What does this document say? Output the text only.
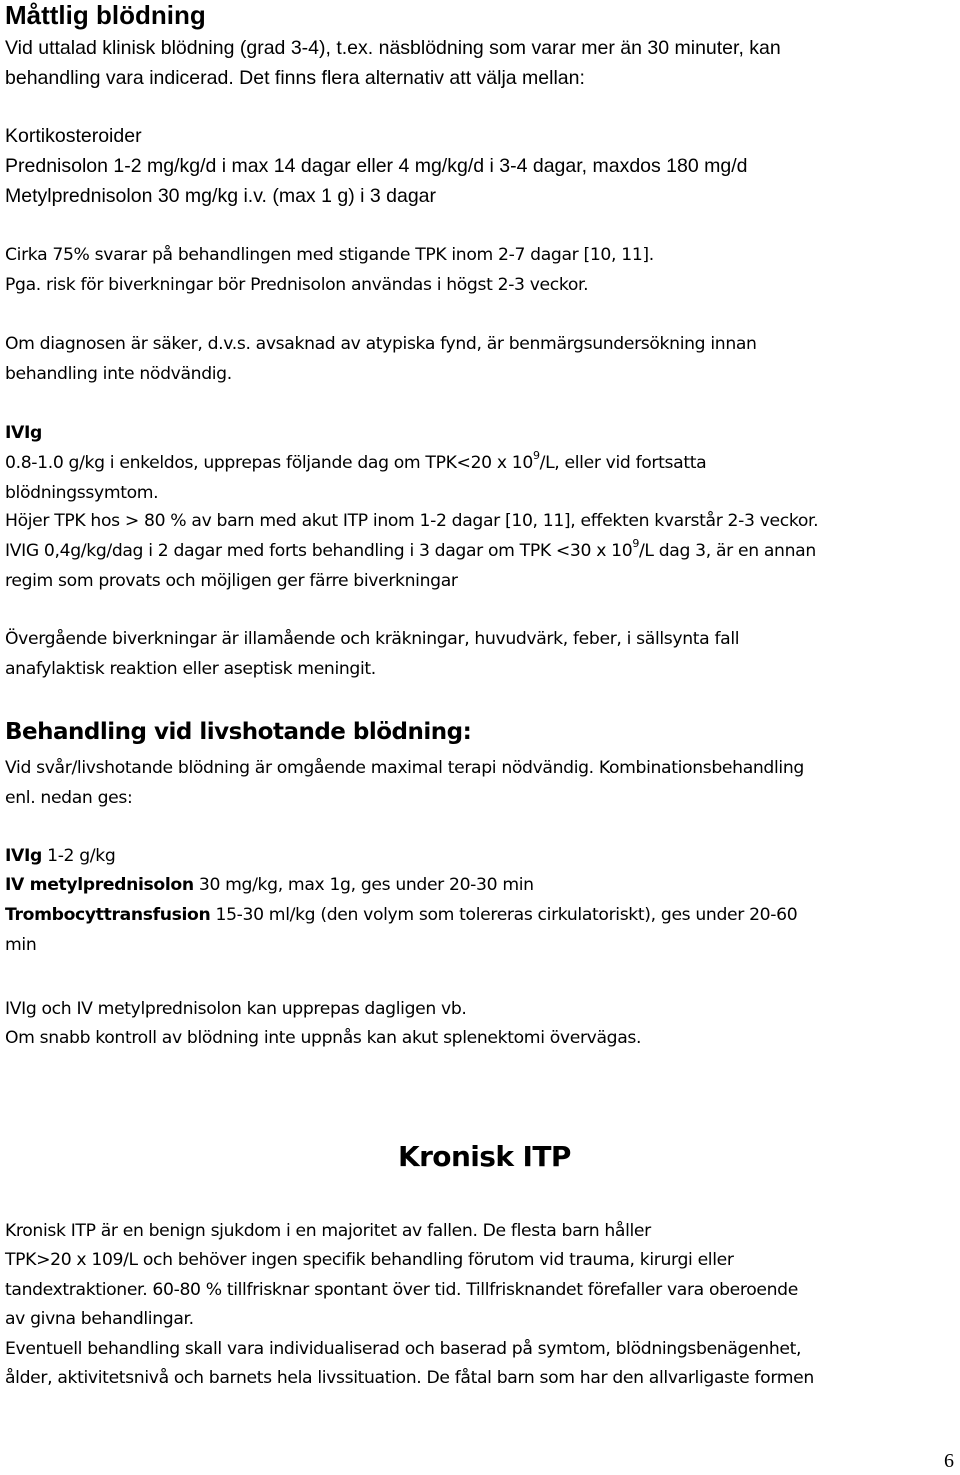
Måttlig blödning

Vid uttalad klinisk blödning (grad 3-4), t.ex. näsblödning som varar mer än 30 minuter, kan

behandling vara indicerad. Det finns flera alternativ att välja mellan:

Kortikosteroider

Prednisolon 1-2 mg/kg/d i max 14 dagar eller 4 mg/kg/d i 3-4 dagar, maxdos 180 mg/d

Metylprednisolon 30 mg/kg i.v. (max 1 g) i 3 dagar

Cirka 75% svarar på behandlingen med stigande TPK inom 2-7 dagar [10, 11].

Pga. risk för biverkningar bör Prednisolon användas i högst 2-3 veckor.

Om diagnosen är säker, d.v.s. avsaknad av atypiska fynd, är benmärgsundersökning innan

behandling inte nödvändig.

IVIg

0.8-1.0 g/kg i enkeldos, upprepas följande dag om TPK<20 x $10^9/L$, eller vid fortsatta

blödningssymtom.

Höjer TPK hos > 80 % av barn med akut ITP inom 1-2 dagar [10, 11], effekten kvarstår 2-3 veckor.

IVIG 0,4g/kg/dag i 2 dagar med forts behandling i 3 dagar om TPK <30 x $10^9/L$ dag 3, är en annan

regim som provats och möjligen ger färre biverkningar

Övergående biverkningar är illamående och kräkningar, huvudvärk, feber, i sällsynta fall

anafylaktisk reaktion eller aseptisk meningit.

Behandling vid livshotande blödning:

Vid svår/livshotande blödning är omgående maximal terapi nödvändig. Kombinationsbehandling

enl. nedan ges:

IVIg 1-2 g/kg

IV metylprednisolon 30 mg/kg, max 1g, ges under 20-30 min

Trombocyttransfusion 15-30 ml/kg (den volym som tolereras cirkulatoriskt), ges under 20-60

min

IVIg och IV metylprednisolon kan upprepas dagligen vb.

Om snabb kontroll av blödning inte uppnås kan akut splenektomi övervägas.

Kronisk ITP

Kronisk ITP är en benign sjukdom i en majoritet av fallen. De flesta barn håller

TPK>20 x 109/L och behöver ingen specifik behandling förutom vid trauma, kirurgi eller

tandextraktioner. 60-80 % tillfrisknar spontant över tid. Tillfrisknandet förefaller vara oberoende

av givna behandlingar.

Eventuell behandling skall vara individualiserad och baserad på symtom, blödningsbenägenhet,

ålder, aktivitetsnivå och barnets hela livssituation. De fåtal barn som har den allvarligaste formen

6
